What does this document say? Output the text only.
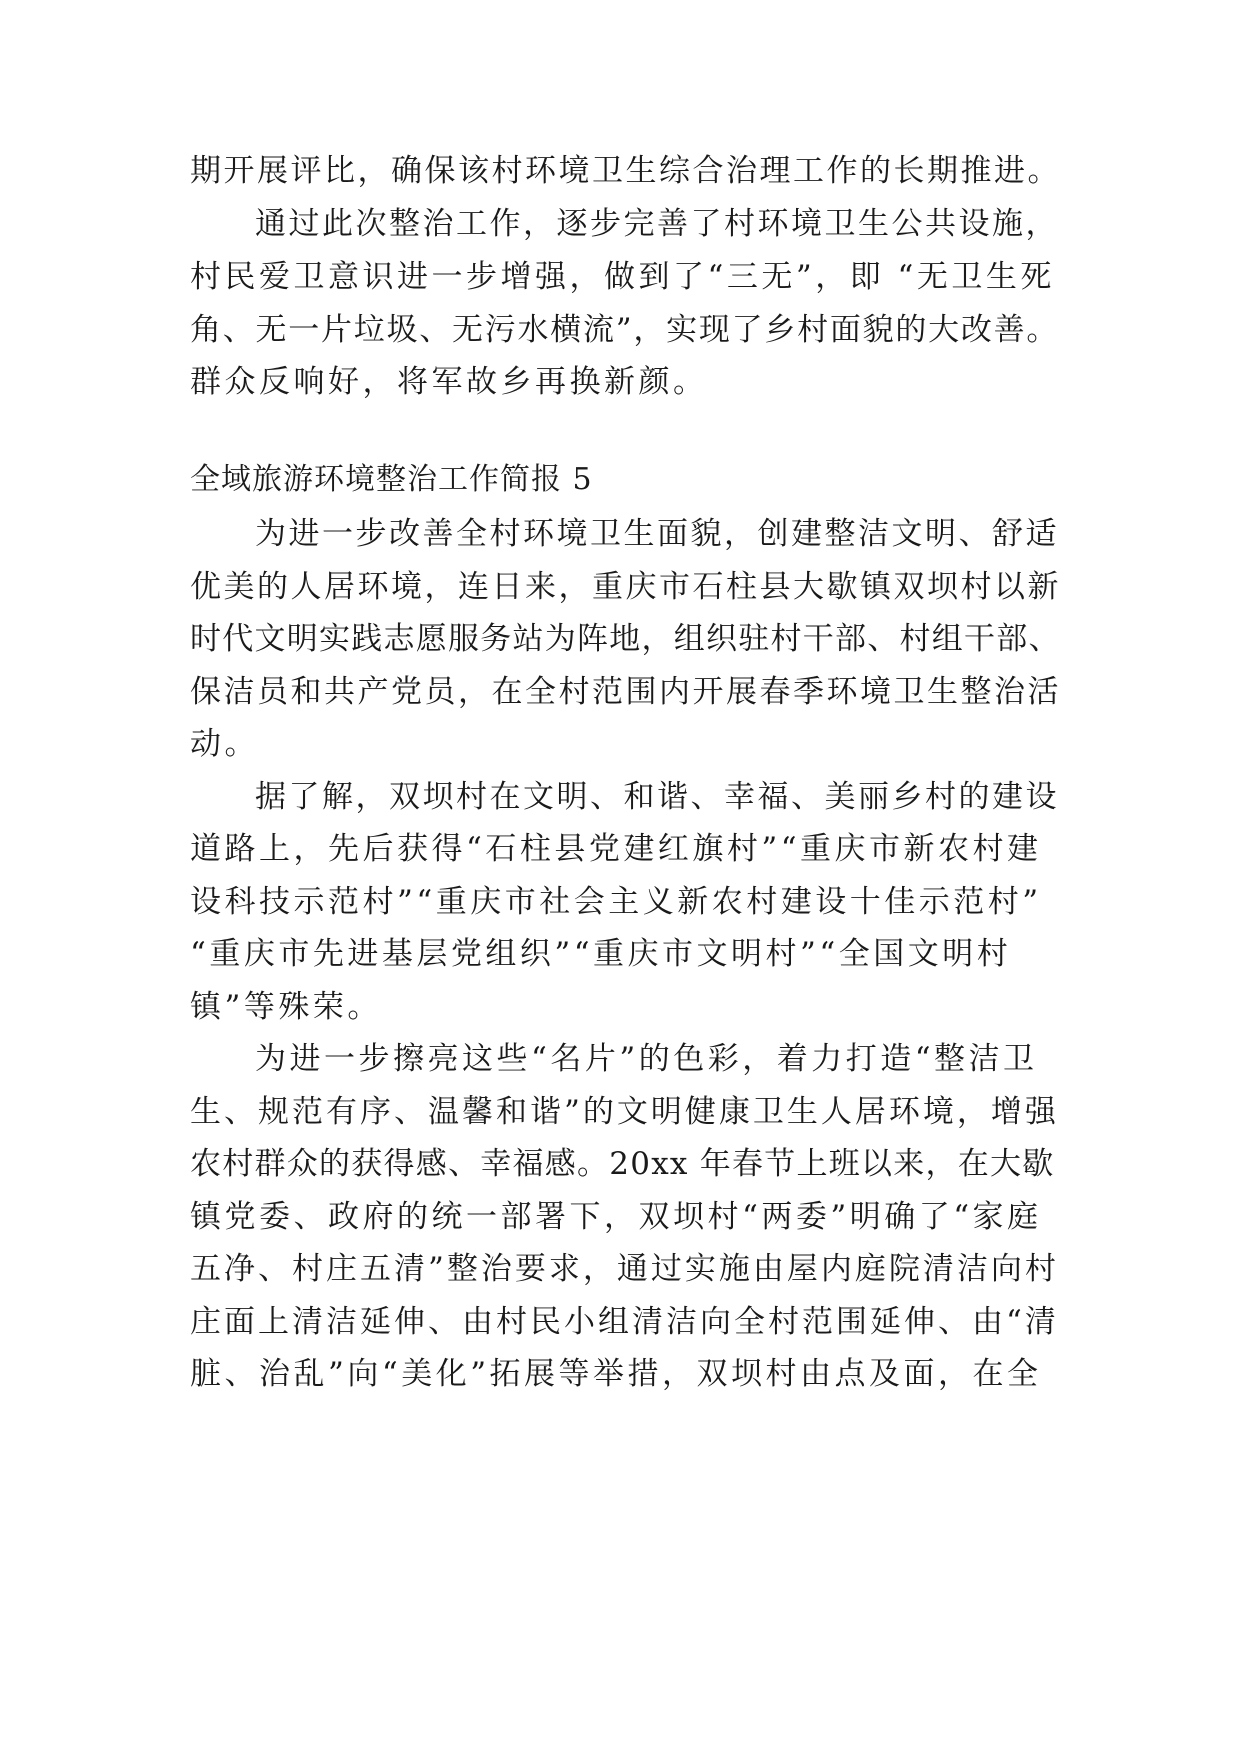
期开展评比，确保该村环境卫生综合治理工作的长期推进。
通过此次整治工作，逐步完善了村环境卫生公共设施，
村民爱卫意识进一步增强，做到了“三无”，即 “无卫生死
角、无一片垃圾、无污水横流”，实现了乡村面貌的大改善。
群众反响好，将军故乡再换新颜。
全域旅游环境整治工作简报 5
为进一步改善全村环境卫生面貌，创建整洁文明、舒适
优美的人居环境，连日来，重庆市石柱县大歇镇双坝村以新
时代文明实践志愿服务站为阵地，组织驻村干部、村组干部、
保洁员和共产党员，在全村范围内开展春季环境卫生整治活
动。
据了解，双坝村在文明、和谐、幸福、美丽乡村的建设
道路上，先后获得“石柱县党建红旗村”“重庆市新农村建
设科技示范村”“重庆市社会主义新农村建设十佳示范村”
“重庆市先进基层党组织”“重庆市文明村”“全国文明村
镇”等殊荣。
为进一步擦亮这些“名片”的色彩，着力打造“整洁卫
生、规范有序、温馨和谐”的文明健康卫生人居环境，增强
农村群众的获得感、幸福感。20xx 年春节上班以来，在大歇
镇党委、政府的统一部署下，双坝村“两委”明确了“家庭
五净、村庄五清”整治要求，通过实施由屋内庭院清洁向村
庄面上清洁延伸、由村民小组清洁向全村范围延伸、由“清
脏、治乱”向“美化”拓展等举措，双坝村由点及面，在全
